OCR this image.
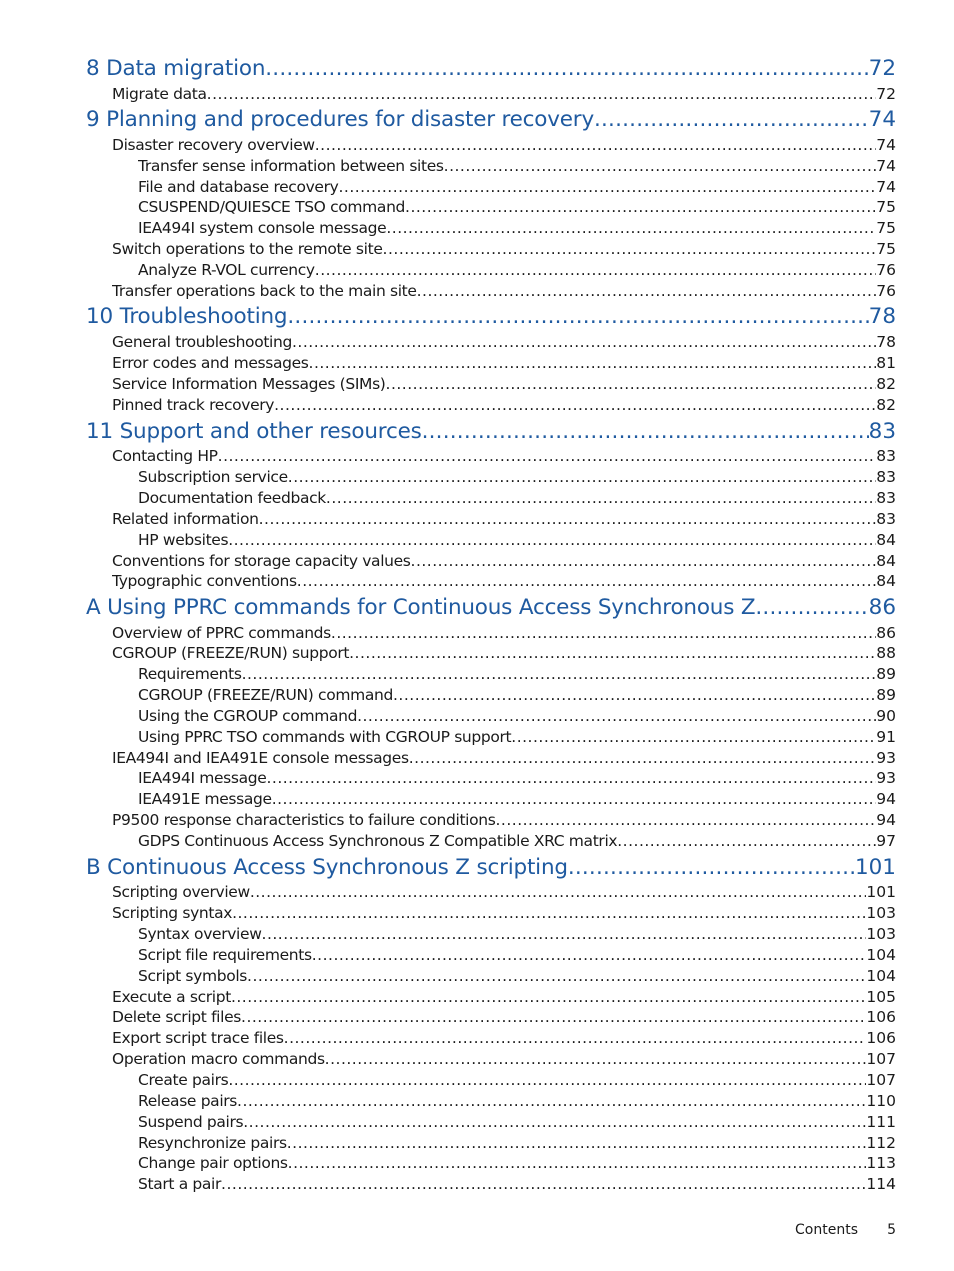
8 Data migration .....	72
Migrate data .....	72
9 Planning and procedures for disaster recovery .....	74
Disaster recovery overview .....	74
Transfer sense information between sites .....	74
File and database recovery .....	74
CSUSPEND/QUIESCE TSO command .....	75
IEA494I system console message .....	75
Switch operations to the remote site .....	75
Analyze R-VOL currency .....	76
Transfer operations back to the main site .....	76
10 Troubleshooting .....	78
General troubleshooting .....	78
Error codes and messages .....	81
Service Information Messages (SIMs) .....	82
Pinned track recovery .....	82
11 Support and other resources .....	83
Contacting HP .....	83
Subscription service .....	83
Documentation feedback .....	83
Related information .....	83
HP websites .....	84
Conventions for storage capacity values .....	84
Typographic conventions .....	84
A Using PPRC commands for Continuous Access Synchronous Z .....	86
Overview of PPRC commands .....	86
CGROUP (FREEZE/RUN) support .....	88
Requirements .....	89
CGROUP (FREEZE/RUN) command .....	89
Using the CGROUP command .....	90
Using PPRC TSO commands with CGROUP support .....	91
IEA494I and IEA491E console messages .....	93
IEA494I message .....	93
IEA491E message .....	94
P9500 response characteristics to failure conditions .....	94
GDPS Continuous Access Synchronous Z Compatible XRC matrix .....	97
B Continuous Access Synchronous Z scripting .....	101
Scripting overview .....	101
Scripting syntax .....	103
Syntax overview .....	103
Script file requirements .....	104
Script symbols .....	104
Execute a script .....	105
Delete script files .....	106
Export script trace files .....	106
Operation macro commands .....	107
Create pairs .....	107
Release pairs .....	110
Suspend pairs .....	111
Resynchronize pairs .....	112
Change pair options .....	113
Start a pair .....	114
Contents 5
